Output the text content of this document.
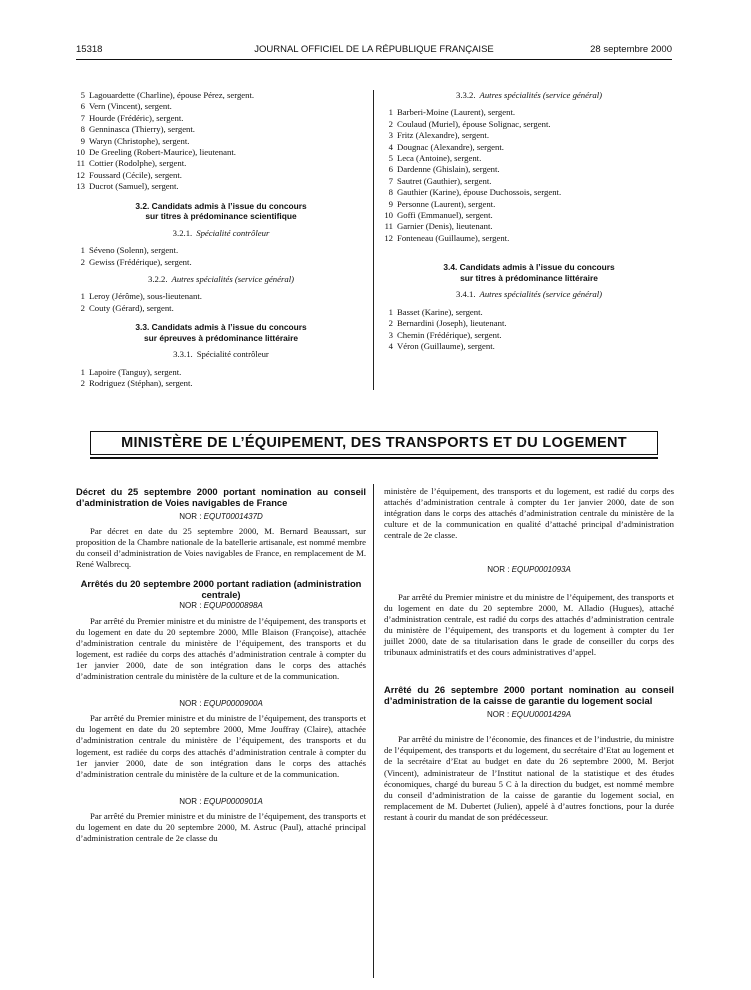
15318	JOURNAL OFFICIEL DE LA RÉPUBLIQUE FRANÇAISE	28 septembre 2000
5 Lagouardette (Charline), épouse Pérez, sergent.
6 Vern (Vincent), sergent.
7 Hourde (Frédéric), sergent.
8 Genninasca (Thierry), sergent.
9 Waryn (Christophe), sergent.
10 De Greeling (Robert-Maurice), lieutenant.
11 Cottier (Rodolphe), sergent.
12 Foussard (Cécile), sergent.
13 Ducrot (Samuel), sergent.
3.2. Candidats admis à l’issue du concours
sur titres à prédominance scientifique
3.2.1. Spécialité contrôleur
1 Séveno (Solenn), sergent.
2 Gewiss (Frédérique), sergent.
3.2.2. Autres spécialités (service général)
1 Leroy (Jérôme), sous-lieutenant.
2 Couty (Gérard), sergent.
3.3. Candidats admis à l’issue du concours
sur épreuves à prédominance littéraire
3.3.1. Spécialité contrôleur
1 Lapoire (Tanguy), sergent.
2 Rodriguez (Stéphan), sergent.
3.3.2. Autres spécialités (service général)
1 Barberi-Moine (Laurent), sergent.
2 Coulaud (Muriel), épouse Solignac, sergent.
3 Fritz (Alexandre), sergent.
4 Dougnac (Alexandre), sergent.
5 Leca (Antoine), sergent.
6 Dardenne (Ghislain), sergent.
7 Sautret (Gauthier), sergent.
8 Gauthier (Karine), épouse Duchossois, sergent.
9 Personne (Laurent), sergent.
10 Goffi (Emmanuel), sergent.
11 Garnier (Denis), lieutenant.
12 Fonteneau (Guillaume), sergent.
3.4. Candidats admis à l’issue du concours
sur titres à prédominance littéraire
3.4.1. Autres spécialités (service général)
1 Basset (Karine), sergent.
2 Bernardini (Joseph), lieutenant.
3 Chemin (Frédérique), sergent.
4 Véron (Guillaume), sergent.
MINISTÈRE DE L’ÉQUIPEMENT, DES TRANSPORTS ET DU LOGEMENT
Décret du 25 septembre 2000 portant nomination au conseil d’administration de Voies navigables de France
NOR : EQUT0001437D

Par décret en date du 25 septembre 2000, M. Bernard Beaussart, sur proposition de la Chambre nationale de la batellerie artisanale, est nommé membre du conseil d’administration de Voies navigables de France, en remplacement de M. René Walbrecq.

Arrêtés du 20 septembre 2000 portant radiation (administration centrale)
NOR : EQUP0000898A

Par arrêté du Premier ministre et du ministre de l’équipement, des transports et du logement en date du 20 septembre 2000, Mlle Blaison (Françoise), attachée d’administration centrale du ministère de l’équipement, des transports et du logement, est radiée du corps des attachés d’administration centrale à compter du 1er janvier 2000, date de son intégration dans le corps des attachés d’administration centrale du ministère de la culture et de la communication.

NOR : EQUP0000900A

Par arrêté du Premier ministre et du ministre de l’équipement, des transports et du logement en date du 20 septembre 2000, Mme Jouffray (Claire), attachée d’administration centrale du ministère de l’équipement, des transports et du logement, est radiée du corps des attachés d’administration centrale à compter du 1er janvier 2000, date de son intégration dans le corps des attachés d’administration centrale du ministère de la culture et de la communication.

NOR : EQUP0000901A

Par arrêté du Premier ministre et du ministre de l’équipement, des transports et du logement en date du 20 septembre 2000, M. Astruc (Paul), attaché principal d’administration centrale de 2e classe du

ministère de l’équipement, des transports et du logement, est radié du corps des attachés d’administration centrale à compter du 1er janvier 2000, date de son intégration dans le corps des attachés d’administration centrale du ministère de la culture et de la communication en qualité d’attaché principal d’administration centrale de 2e classe.

NOR : EQUP0001093A

Par arrêté du Premier ministre et du ministre de l’équipement, des transports et du logement en date du 20 septembre 2000, M. Alladio (Hugues), attaché d’administration centrale, est radié du corps des attachés d’administration centrale du ministère de l’équipement, des transports et du logement à compter du 1er juillet 2000, date de sa titularisation dans le grade de conseiller du corps des tribunaux administratifs et des cours administratives d’appel.

Arrêté du 26 septembre 2000 portant nomination au conseil d’administration de la caisse de garantie du logement social
NOR : EQUU0001429A

Par arrêté du ministre de l’économie, des finances et de l’industrie, du ministre de l’équipement, des transports et du logement, du secrétaire d’Etat au logement et de la secrétaire d’Etat au budget en date du 26 septembre 2000, M. Berjot (Vincent), administrateur de l’Institut national de la statistique et des études économiques, chargé du bureau 5 C à la direction du budget, est nommé membre du conseil d’administration de la caisse de garantie du logement social, en remplacement de M. Dubertet (Julien), appelé à d’autres fonctions, pour la durée restant à courir du mandat de son prédécesseur.
